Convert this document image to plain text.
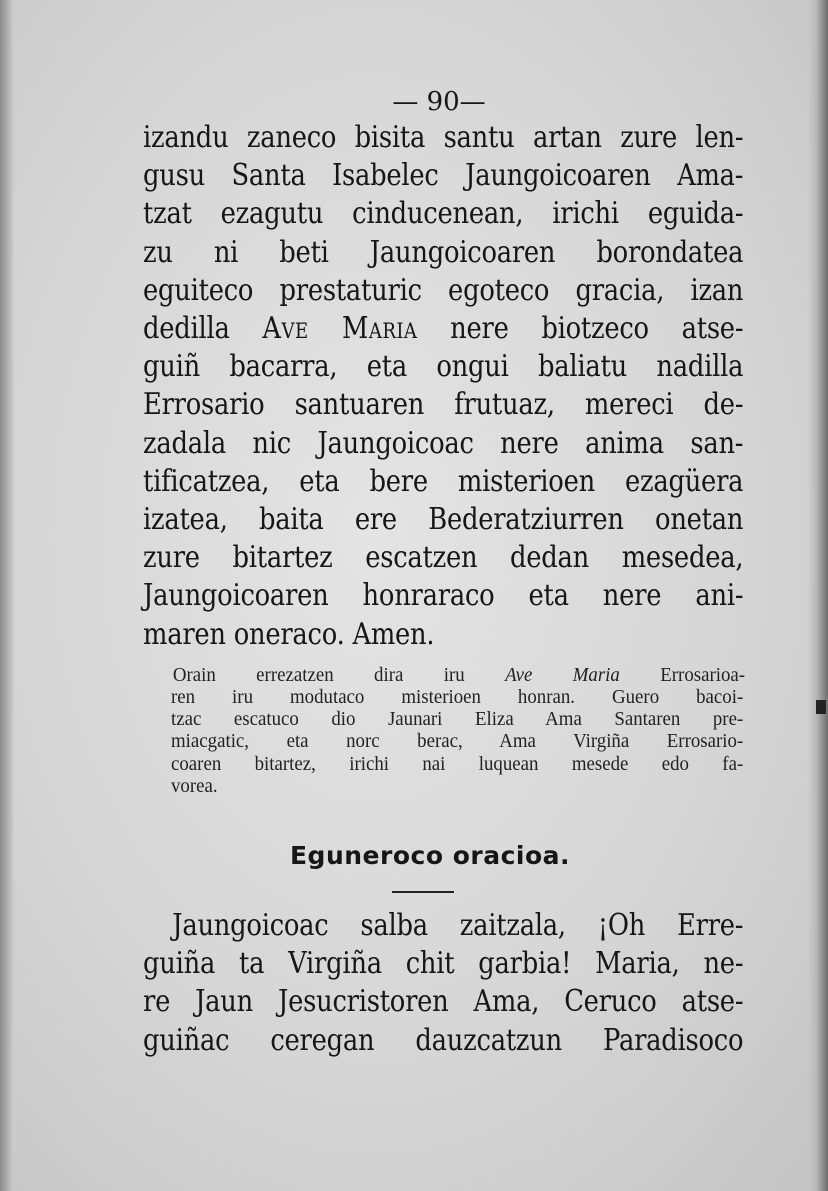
— 90—
izandu zaneco bisita santu artan zure len-
gusu Santa Isabelec Jaungoicoaren Ama-
tzat ezagutu cinducenean, irichi eguida-
zu ni beti Jaungoicoaren borondatea
eguiteco prestaturic egoteco gracia, izan
dedilla Ave Maria nere biotzeco atse-
guiñ bacarra, eta ongui baliatu nadilla
Errosario santuaren frutuaz, mereci de-
zadala nic Jaungoicoac nere anima san-
tificatzea, eta bere misterioen ezagüera
izatea, baita ere Bederatziurren onetan
zure bitartez escatzen dedan mesedea,
Jaungoicoaren honraraco eta nere ani-
maren oneraco. Amen.
Orain errezatzen dira iru Ave Maria Errosarioa-
ren iru modutaco misterioen honran. Guero bacoi-
tzac escatuco dio Jaunari Eliza Ama Santaren pre-
miacgatic, eta norc berac, Ama Virgiña Errosario-
coaren bitartez, irichi nai luquean mesede edo fa-
vorea.
Eguneroco oracioa.
Jaungoicoac salba zaitzala, ¡Oh Erre-
guiña ta Virgiña chit garbia! Maria, ne-
re Jaun Jesucristoren Ama, Ceruco atse-
guiñac ceregan dauzcatzun Paradisoco
